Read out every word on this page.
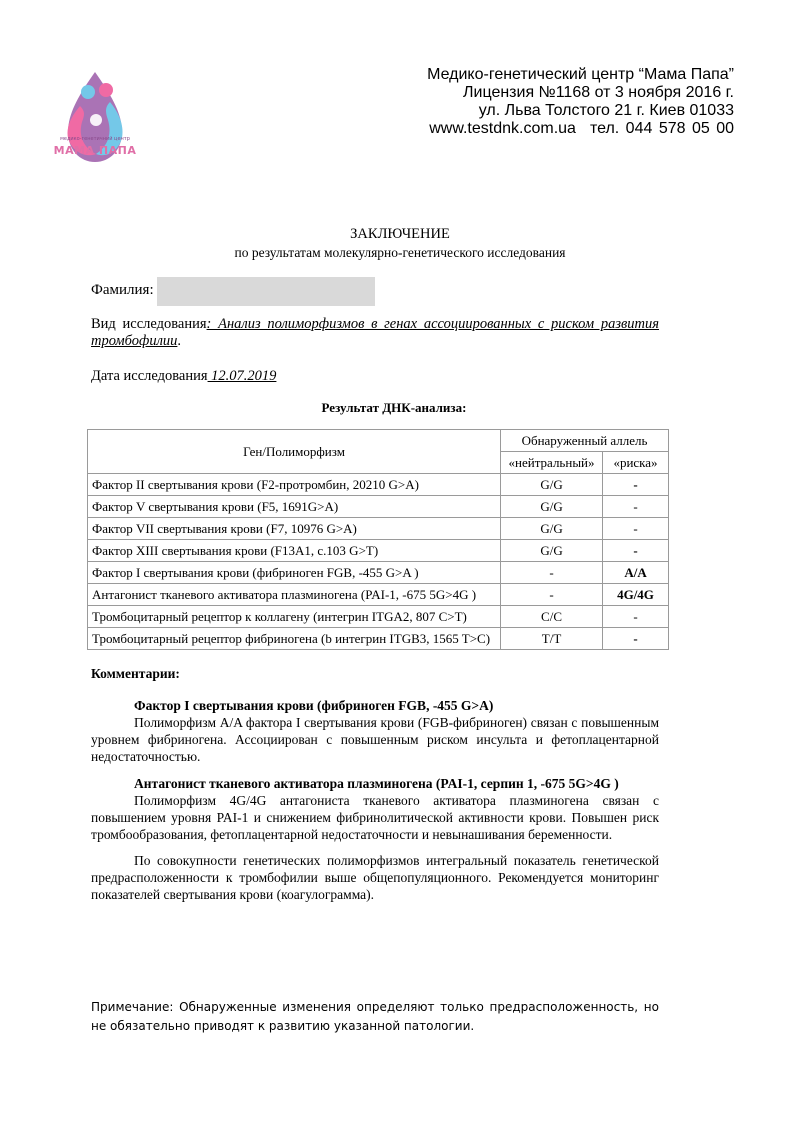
медико-генетичний центр
МАМА ПАПА
Медико-генетический центр “Мама Папа”
Лицензия №1168 от 3 ноября 2016 г.
ул. Льва Толстого 21 г. Киев 01033
www.testdnk.com.ua тел. 044 578 05 00
ЗАКЛЮЧЕНИЕ
по результатам молекулярно-генетического исследования
Фамилия:
Вид исследования: Анализ полиморфизмов в генах ассоциированных с риском развития тромбофилии.
Дата исследования 12.07.2019
Результат ДНК-анализа:
Ген/Полиморфизм	Обнаруженный аллель	
	«нейтральный»	«риска»
Фактор II свертывания крови (F2-протромбин, 20210 G>A)	G/G	-
Фактор V свертывания крови (F5, 1691G>A)	G/G	-
Фактор VII свертывания крови (F7, 10976 G>A)	G/G	-
Фактор XIII свертывания крови (F13A1, c.103 G>T)	G/G	-
Фактор I свертывания крови (фибриноген FGB, -455 G>A )	-	A/A
Антагонист тканевого активатора плазминогена (PAI-1, -675 5G>4G )	-	4G/4G
Тромбоцитарный рецептор к коллагену (интегрин ITGA2, 807 C>T)	C/C	-
Тромбоцитарный рецептор фибриногена (b интегрин ITGB3, 1565 T>C)	T/T	-
Комментарии:
Фактор I свертывания крови (фибриноген FGB, -455 G>A)
Полиморфизм A/A фактора I свертывания крови (FGB-фибриноген) связан с повышенным уровнем фибриногена. Ассоциирован с повышенным риском инсульта и фетоплацентарной недостаточностью.
Антагонист тканевого активатора плазминогена (PAI-1, серпин 1, -675 5G>4G )
Полиморфизм 4G/4G антагониста тканевого активатора плазминогена связан с повышением уровня PAI-1 и снижением фибринолитической активности крови. Повышен риск тромбообразования, фетоплацентарной недостаточности и невынашивания беременности.
По совокупности генетических полиморфизмов интегральный показатель генетической предрасположенности к тромбофилии выше общепопуляционного. Рекомендуется мониторинг показателей свертывания крови (коагулограмма).
Примечание: Обнаруженные изменения определяют только предрасположенность, но не обязательно приводят к развитию указанной патологии.
